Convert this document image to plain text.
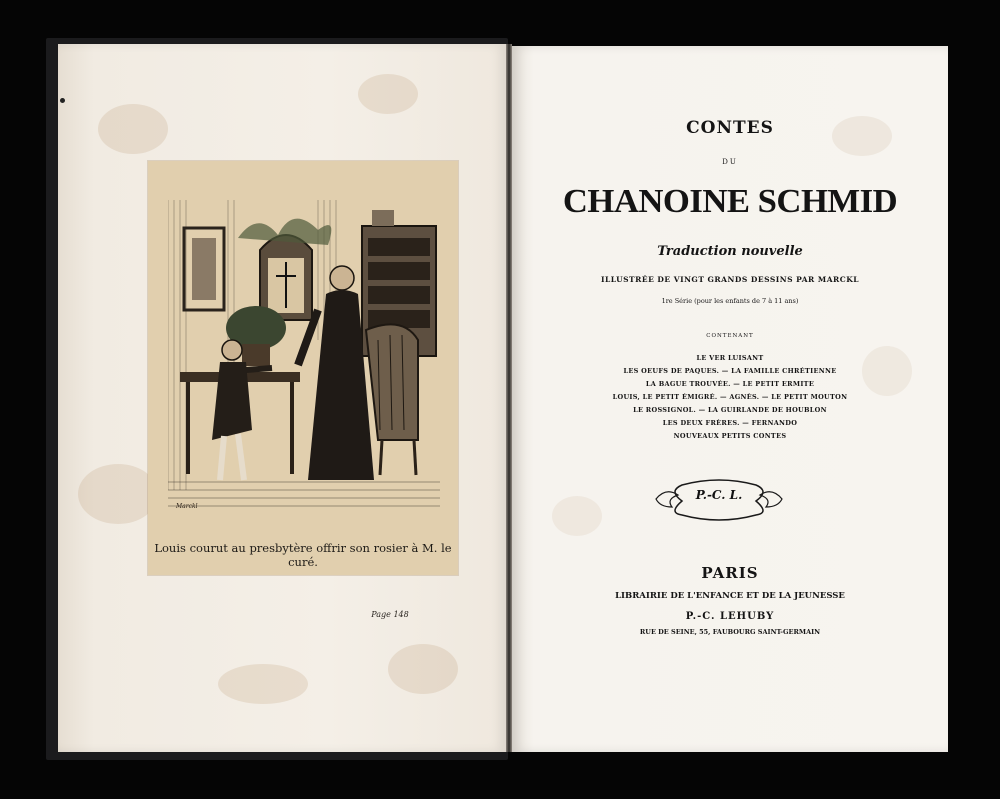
Marckl
Louis courut au presbytère offrir son rosier à M. le curé.
Page 148
CONTES
DU
CHANOINE SCHMID
Traduction nouvelle
ILLUSTRÉE DE VINGT GRANDS DESSINS PAR MARCKL
1re Série (pour les enfants de 7 à 11 ans)
CONTENANT
LE VER LUISANT
LES OEUFS DE PAQUES. — LA FAMILLE CHRÉTIENNE
LA BAGUE TROUVÉE. — LE PETIT ERMITE
LOUIS, LE PETIT ÉMIGRÉ. — AGNÈS. — LE PETIT MOUTON
LE ROSSIGNOL. — LA GUIRLANDE DE HOUBLON
LES DEUX FRÈRES. — FERNANDO
NOUVEAUX PETITS CONTES
P.-C. L.
PARIS
LIBRAIRIE DE L'ENFANCE ET DE LA JEUNESSE
P.-C. LEHUBY
RUE DE SEINE, 55, FAUBOURG SAINT-GERMAIN
